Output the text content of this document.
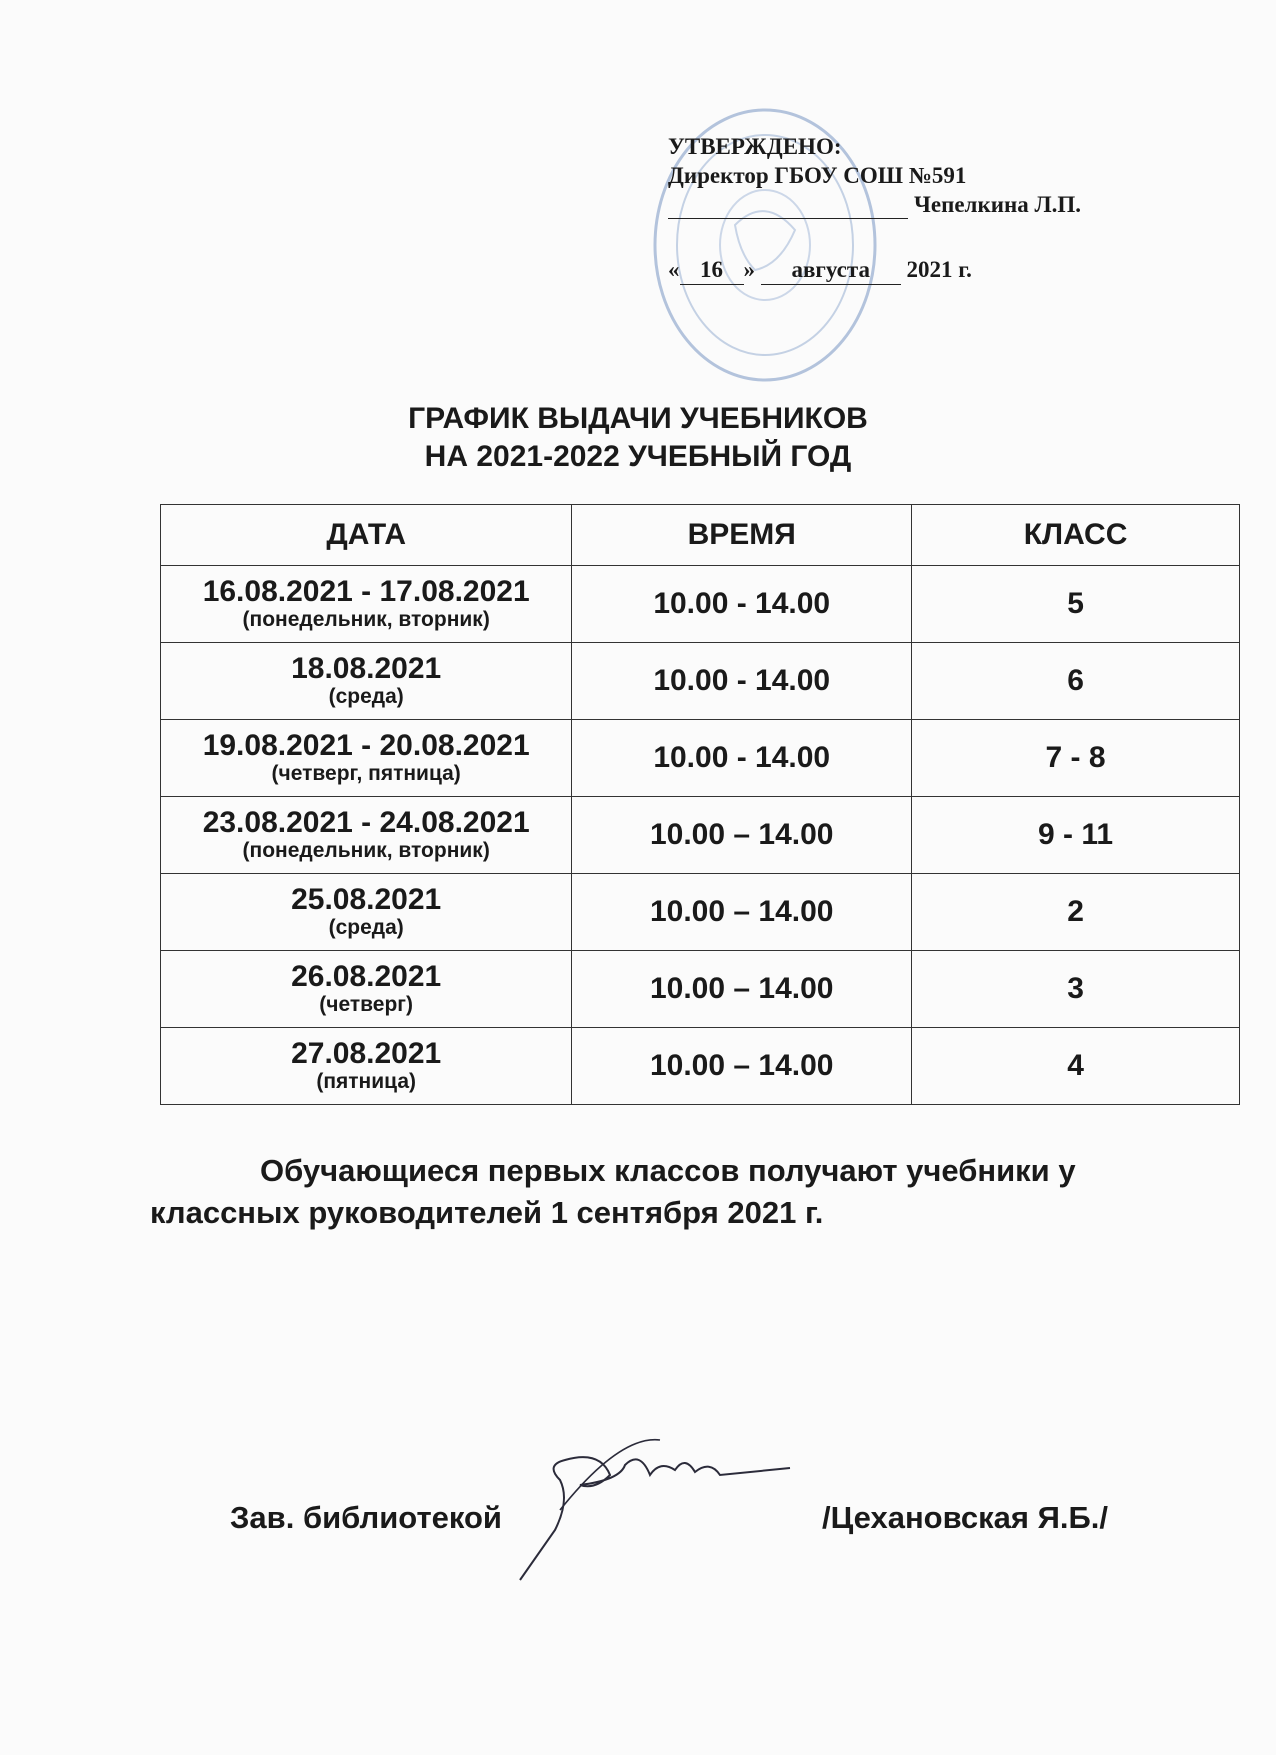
УТВЕРЖДЕНО:
Директор ГБОУ СОШ №591
Чепелкина Л.П.
« 16 » августа 2021 г.
ГРАФИК ВЫДАЧИ УЧЕБНИКОВ
НА 2021-2022 УЧЕБНЫЙ ГОД
ДАТА	ВРЕМЯ	КЛАСС

16.08.2021 - 17.08.2021
(понедельник, вторник)	10.00 - 14.00	5

18.08.2021
(среда)	10.00 - 14.00	6

19.08.2021 - 20.08.2021
(четверг, пятница)	10.00 - 14.00	7 - 8

23.08.2021 - 24.08.2021
(понедельник, вторник)	10.00 – 14.00	9 - 11

25.08.2021
(среда)	10.00 – 14.00	2

26.08.2021
(четверг)	10.00 – 14.00	3

27.08.2021
(пятница)	10.00 – 14.00	4
Обучающиеся первых классов получают учебники у классных руководителей 1 сентября 2021 г.
Зав. библиотекой	/Цехановская Я.Б./
